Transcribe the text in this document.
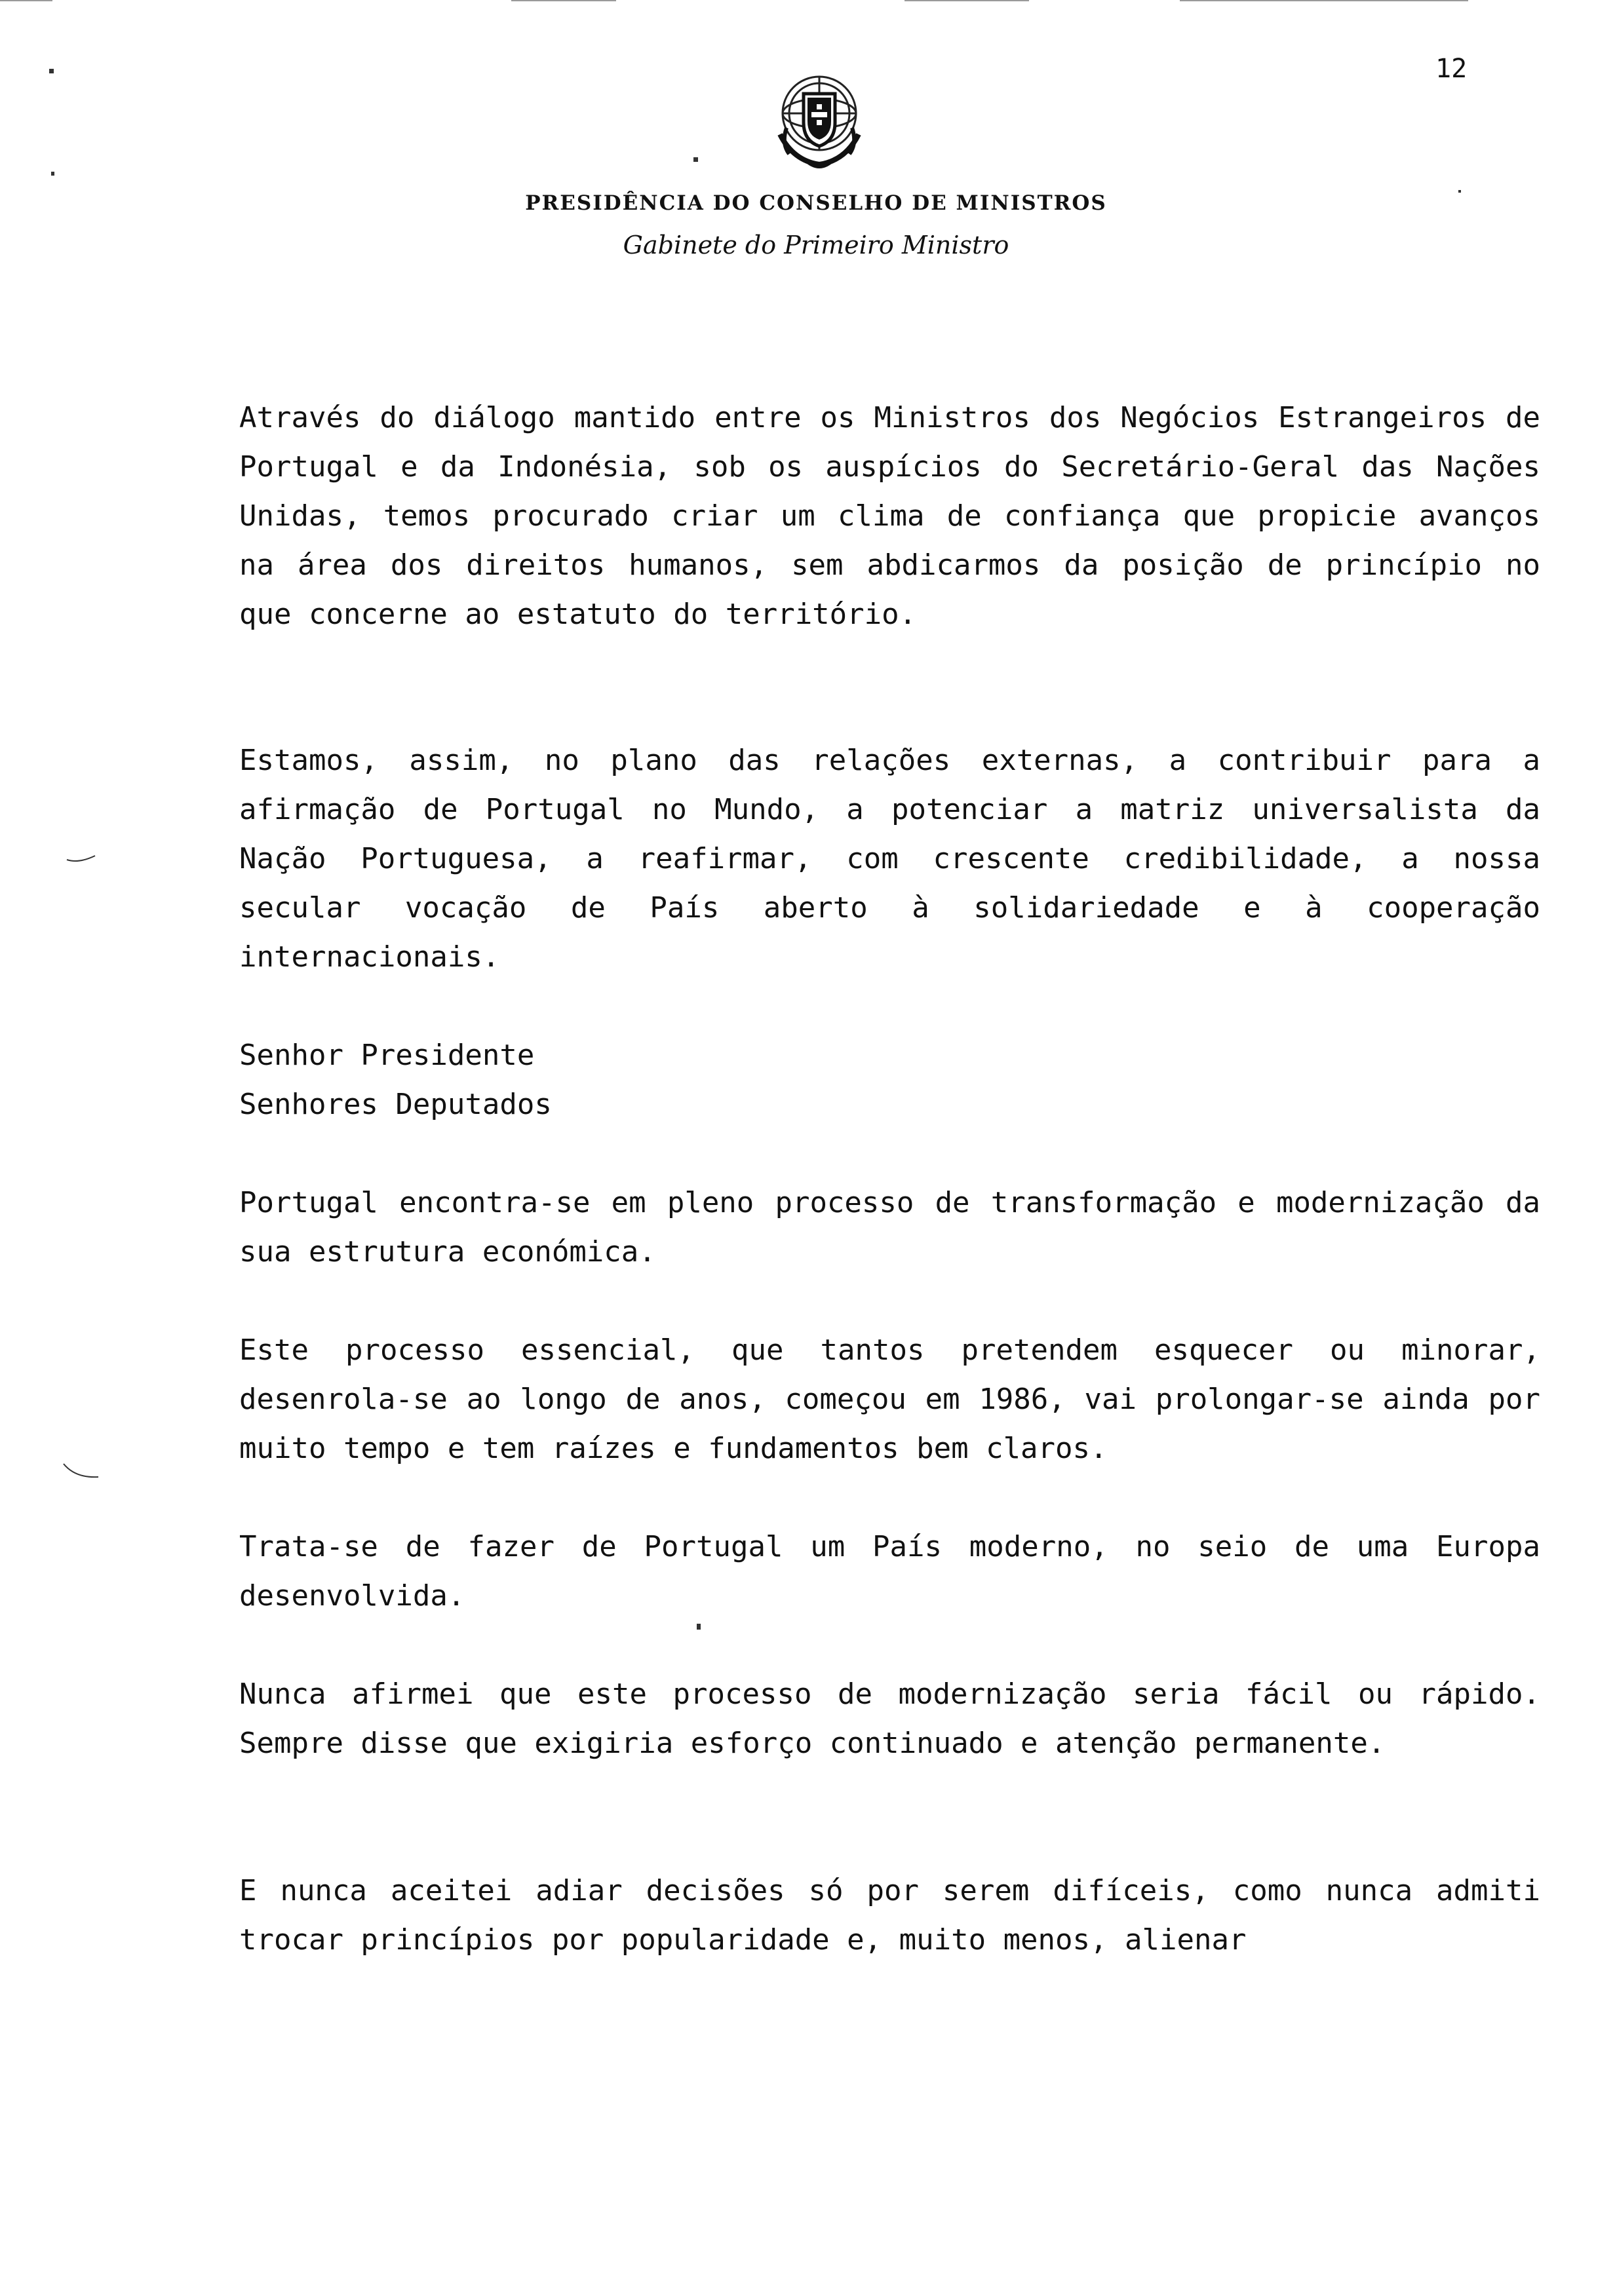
12
PRESIDÊNCIA DO CONSELHO DE MINISTROS
Gabinete do Primeiro Ministro
Através do diálogo mantido entre os Ministros dos Negócios Estrangeiros de Portugal e da Indonésia, sob os auspícios do Secretário-Geral das Nações Unidas, temos procurado criar um clima de confiança que propicie avanços na área dos direitos humanos, sem abdicarmos da posição de princípio no que concerne ao estatuto do território.
Estamos, assim, no plano das relações externas, a contribuir para a afirmação de Portugal no Mundo, a potenciar a matriz universalista da Nação Portuguesa, a reafirmar, com crescente credibilidade, a nossa secular vocação de País aberto à solidariedade e à cooperação internacionais.
Senhor Presidente
Senhores Deputados
Portugal encontra-se em pleno processo de transformação e modernização da sua estrutura económica.
Este processo essencial, que tantos pretendem esquecer ou minorar, desenrola-se ao longo de anos, começou em 1986, vai prolongar-se ainda por muito tempo e tem raízes e fundamentos bem claros.
Trata-se de fazer de Portugal um País moderno, no seio de uma Europa desenvolvida.
Nunca afirmei que este processo de modernização seria fácil ou rápido. Sempre disse que exigiria esforço continuado e atenção permanente.
E nunca aceitei adiar decisões só por serem difíceis, como nunca admiti trocar princípios por popularidade e, muito menos, alienar
